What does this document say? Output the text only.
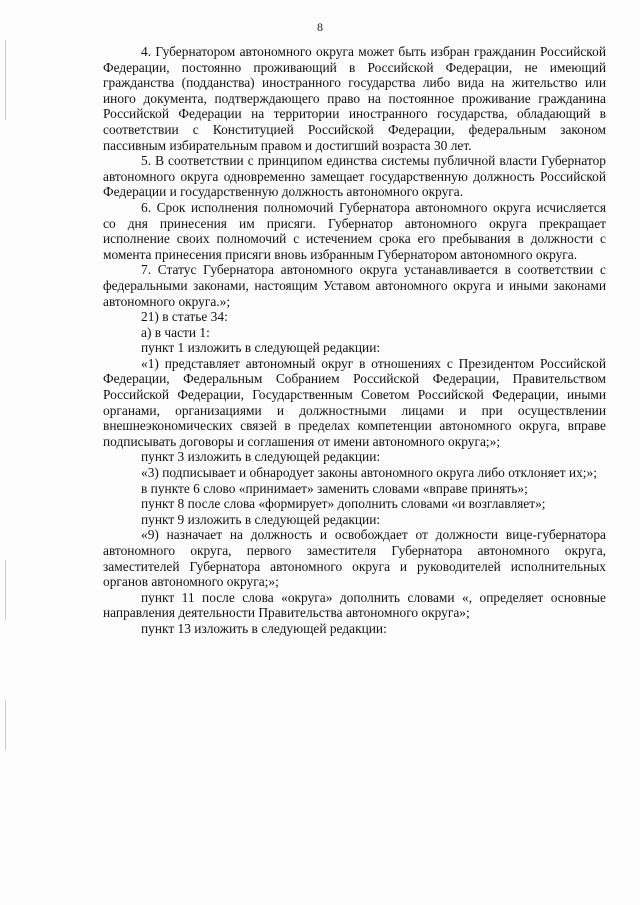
8

4. Губернатором автономного округа может быть избран гражданин Российской Федерации, постоянно проживающий в Российской Федерации, не имеющий гражданства (подданства) иностранного государства либо вида на жительство или иного документа, подтверждающего право на постоянное проживание гражданина Российской Федерации на территории иностранного государства, обладающий в соответствии с Конституцией Российской Федерации, федеральным законом пассивным избирательным правом и достигший возраста 30 лет.

5. В соответствии с принципом единства системы публичной власти Губернатор автономного округа одновременно замещает государственную должность Российской Федерации и государственную должность автономного округа.

6. Срок исполнения полномочий Губернатора автономного округа исчисляется со дня принесения им присяги. Губернатор автономного округа прекращает исполнение своих полномочий с истечением срока его пребывания в должности с момента принесения присяги вновь избранным Губернатором автономного округа.

7. Статус Губернатора автономного округа устанавливается в соответствии с федеральными законами, настоящим Уставом автономного округа и иными законами автономного округа.»;

21) в статье 34:

а) в части 1:

пункт 1 изложить в следующей редакции:

«1) представляет автономный округ в отношениях с Президентом Российской Федерации, Федеральным Собранием Российской Федерации, Правительством Российской Федерации, Государственным Советом Российской Федерации, иными органами, организациями и должностными лицами и при осуществлении внешнеэкономических связей в пределах компетенции автономного округа, вправе подписывать договоры и соглашения от имени автономного округа;»;

пункт 3 изложить в следующей редакции:

«3) подписывает и обнародует законы автономного округа либо отклоняет их;»;

в пункте 6 слово «принимает» заменить словами «вправе принять»;

пункт 8 после слова «формирует» дополнить словами «и возглавляет»;

пункт 9 изложить в следующей редакции:

«9) назначает на должность и освобождает от должности вице-губернатора автономного округа, первого заместителя Губернатора автономного округа, заместителей Губернатора автономного округа и руководителей исполнительных органов автономного округа;»;

пункт 11 после слова «округа» дополнить словами «, определяет основные направления деятельности Правительства автономного округа»;

пункт 13 изложить в следующей редакции:
